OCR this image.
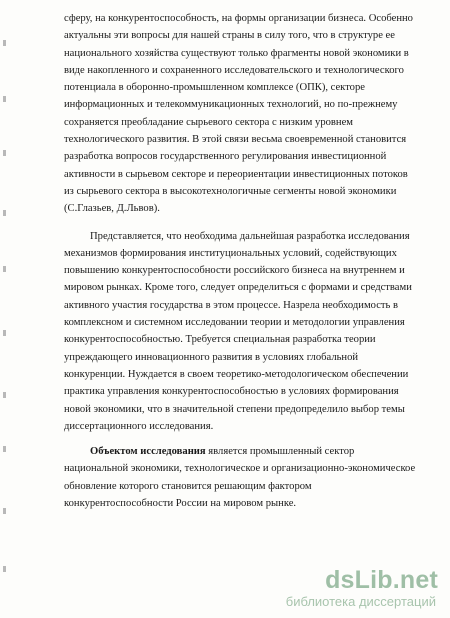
сферу, на конкурентоспособность, на формы организации бизнеса. Особенно
актуальны эти вопросы для нашей страны в силу того, что в структуре ее
национального хозяйства существуют только фрагменты новой экономики в
виде накопленного и сохраненного исследовательского и технологического
потенциала в оборонно-промышленном комплексе (ОПК), секторе
информационных и телекоммуникационных технологий, но по-прежнему
сохраняется преобладание сырьевого сектора с низким уровнем
технологического развития. В этой связи весьма своевременной становится
разработка вопросов государственного регулирования инвестиционной
активности в сырьевом секторе и переориентации инвестиционных потоков
из сырьевого сектора в высокотехнологичные сегменты новой экономики
(С.Глазьев, Д.Львов).
Представляется, что необходима дальнейшая разработка исследования
механизмов формирования институциональных условий, содействующих
повышению конкурентоспособности российского бизнеса на внутреннем и
мировом рынках. Кроме того, следует определиться с формами и средствами
активного участия государства в этом процессе. Назрела необходимость в
комплексном и системном исследовании теории и методологии управления
конкурентоспособностью. Требуется специальная разработка теории
упреждающего инновационного развития в условиях глобальной
конкуренции. Нуждается в своем теоретико-методологическом обеспечении
практика управления конкурентоспособностью в условиях формирования
новой экономики, что в значительной степени предопределило выбор темы
диссертационного исследования.
Объектом исследования является промышленный сектор
национальной экономики, технологическое и организационно-экономическое
обновление которого становится решающим фактором
конкурентоспособности России на мировом рынке.
dsLib.net
библиотека диссертаций
